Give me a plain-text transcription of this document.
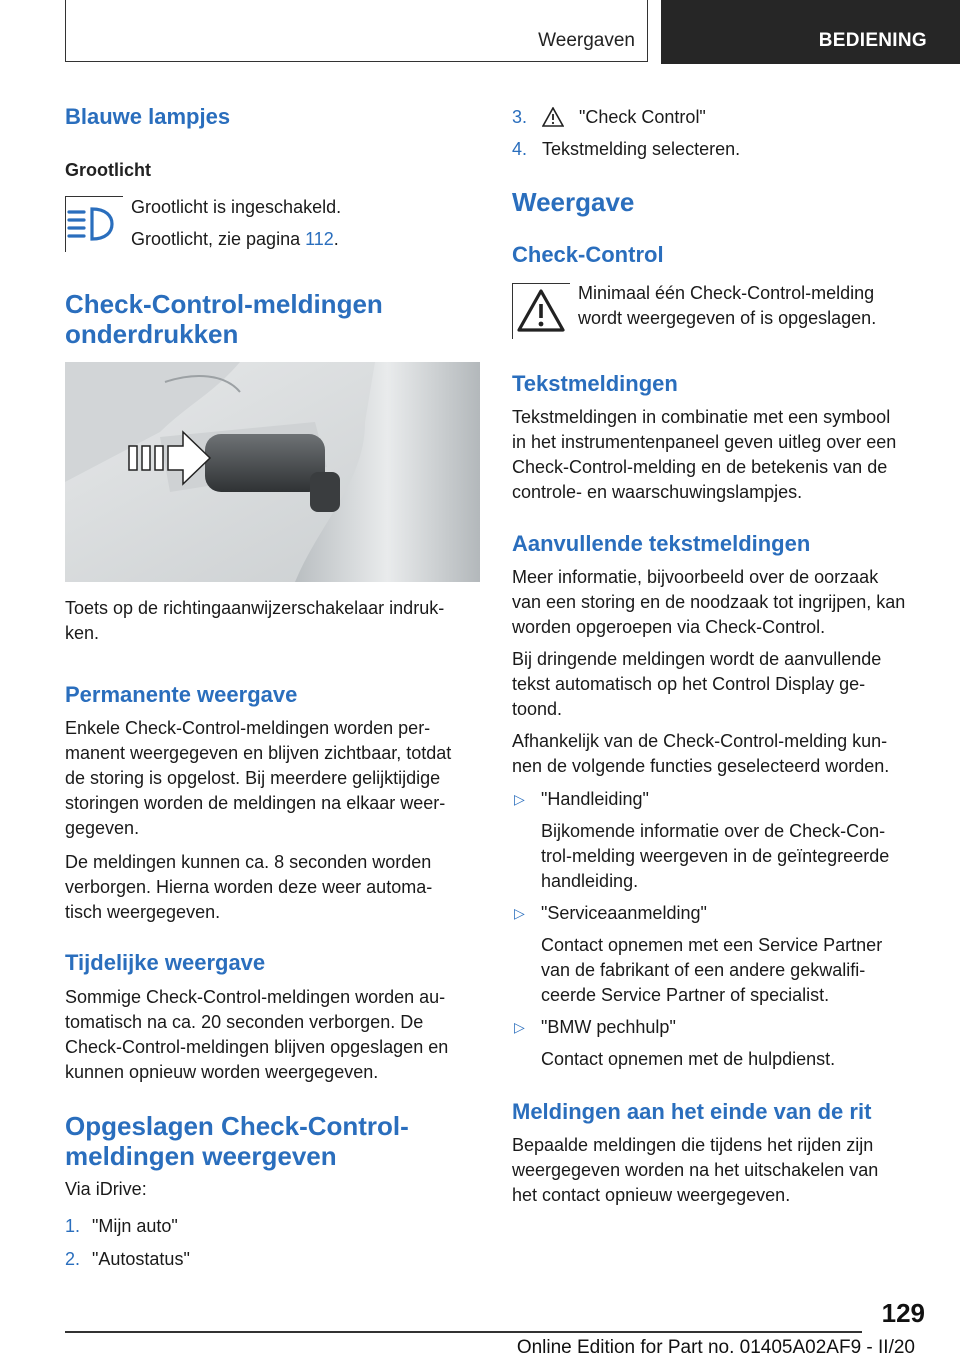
Weergaven	BEDIENING
Blauwe lampjes
Grootlicht
Grootlicht is ingeschakeld.
Grootlicht, zie pagina 112.
Check-Control-meldingen
onderdrukken
Toets op de richtingaanwijzerschakelaar indruk-
ken.
Permanente weergave
Enkele Check-Control-meldingen worden per-
manent weergegeven en blijven zichtbaar, totdat
de storing is opgelost. Bij meerdere gelijktijdige
storingen worden de meldingen na elkaar weer-
gegeven.
De meldingen kunnen ca. 8 seconden worden
verborgen. Hierna worden deze weer automa-
tisch weergegeven.
Tijdelijke weergave
Sommige Check-Control-meldingen worden au-
tomatisch na ca. 20 seconden verborgen. De
Check-Control-meldingen blijven opgeslagen en
kunnen opnieuw worden weergegeven.
Opgeslagen Check-Control-
meldingen weergeven
Via iDrive:
1. "Mijn auto"
2. "Autostatus"
3.	"Check Control"
4. Tekstmelding selecteren.
Weergave
Check-Control
Minimaal één Check-Control-melding
wordt weergegeven of is opgeslagen.
Tekstmeldingen
Tekstmeldingen in combinatie met een symbool
in het instrumentenpaneel geven uitleg over een
Check-Control-melding en de betekenis van de
controle- en waarschuwingslampjes.
Aanvullende tekstmeldingen
Meer informatie, bijvoorbeeld over de oorzaak
van een storing en de noodzaak tot ingrijpen, kan
worden opgeroepen via Check-Control.
Bij dringende meldingen wordt de aanvullende
tekst automatisch op het Control Display ge-
toond.
Afhankelijk van de Check-Control-melding kun-
nen de volgende functies geselecteerd worden.
▷ "Handleiding"
Bijkomende informatie over de Check-Con-
trol-melding weergeven in de geïntegreerde
handleiding.
▷ "Serviceaanmelding"
Contact opnemen met een Service Partner
van de fabrikant of een andere gekwalifi-
ceerde Service Partner of specialist.
▷ "BMW pechhulp"
Contact opnemen met de hulpdienst.
Meldingen aan het einde van de rit
Bepaalde meldingen die tijdens het rijden zijn
weergegeven worden na het uitschakelen van
het contact opnieuw weergegeven.
129
Online Edition for Part no. 01405A02AF9 - II/20
